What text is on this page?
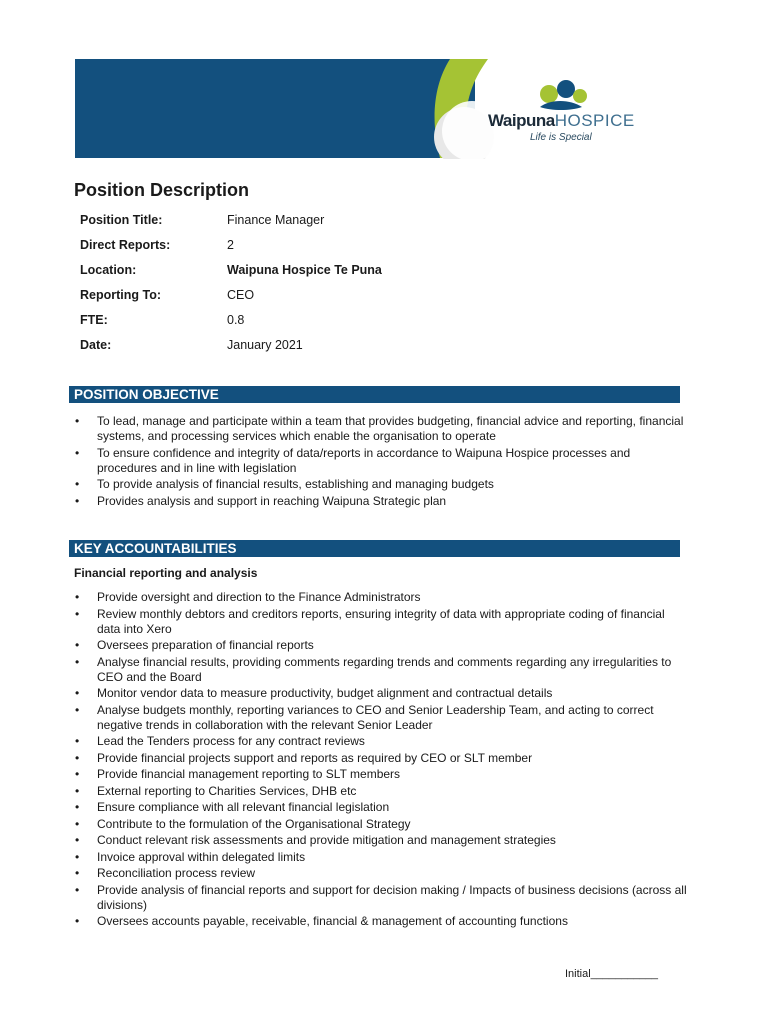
WaipunaHOSPICE
Life is Special
Position Description
Position Title:	Finance Manager
Direct Reports:	2
Location:	Waipuna Hospice Te Puna
Reporting To:	CEO
FTE:	0.8
Date:	January 2021
POSITION OBJECTIVE
• To lead, manage and participate within a team that provides budgeting, financial advice and reporting, financial systems, and processing services which enable the organisation to operate
• To ensure confidence and integrity of data/reports in accordance to Waipuna Hospice processes and procedures and in line with legislation
• To provide analysis of financial results, establishing and managing budgets
• Provides analysis and support in reaching Waipuna Strategic plan
KEY ACCOUNTABILITIES
Financial reporting and analysis
• Provide oversight and direction to the Finance Administrators
• Review monthly debtors and creditors reports, ensuring integrity of data with appropriate coding of financial data into Xero
• Oversees preparation of financial reports
• Analyse financial results, providing comments regarding trends and comments regarding any irregularities to CEO and the Board
• Monitor vendor data to measure productivity, budget alignment and contractual details
• Analyse budgets monthly, reporting variances to CEO and Senior Leadership Team, and acting to correct negative trends in collaboration with the relevant Senior Leader
• Lead the Tenders process for any contract reviews
• Provide financial projects support and reports as required by CEO or SLT member
• Provide financial management reporting to SLT members
• External reporting to Charities Services, DHB etc
• Ensure compliance with all relevant financial legislation
• Contribute to the formulation of the Organisational Strategy
• Conduct relevant risk assessments and provide mitigation and management strategies
• Invoice approval within delegated limits
• Reconciliation process review
• Provide analysis of financial reports and support for decision making / Impacts of business decisions (across all divisions)
• Oversees accounts payable, receivable, financial & management of accounting functions
Initial___________
